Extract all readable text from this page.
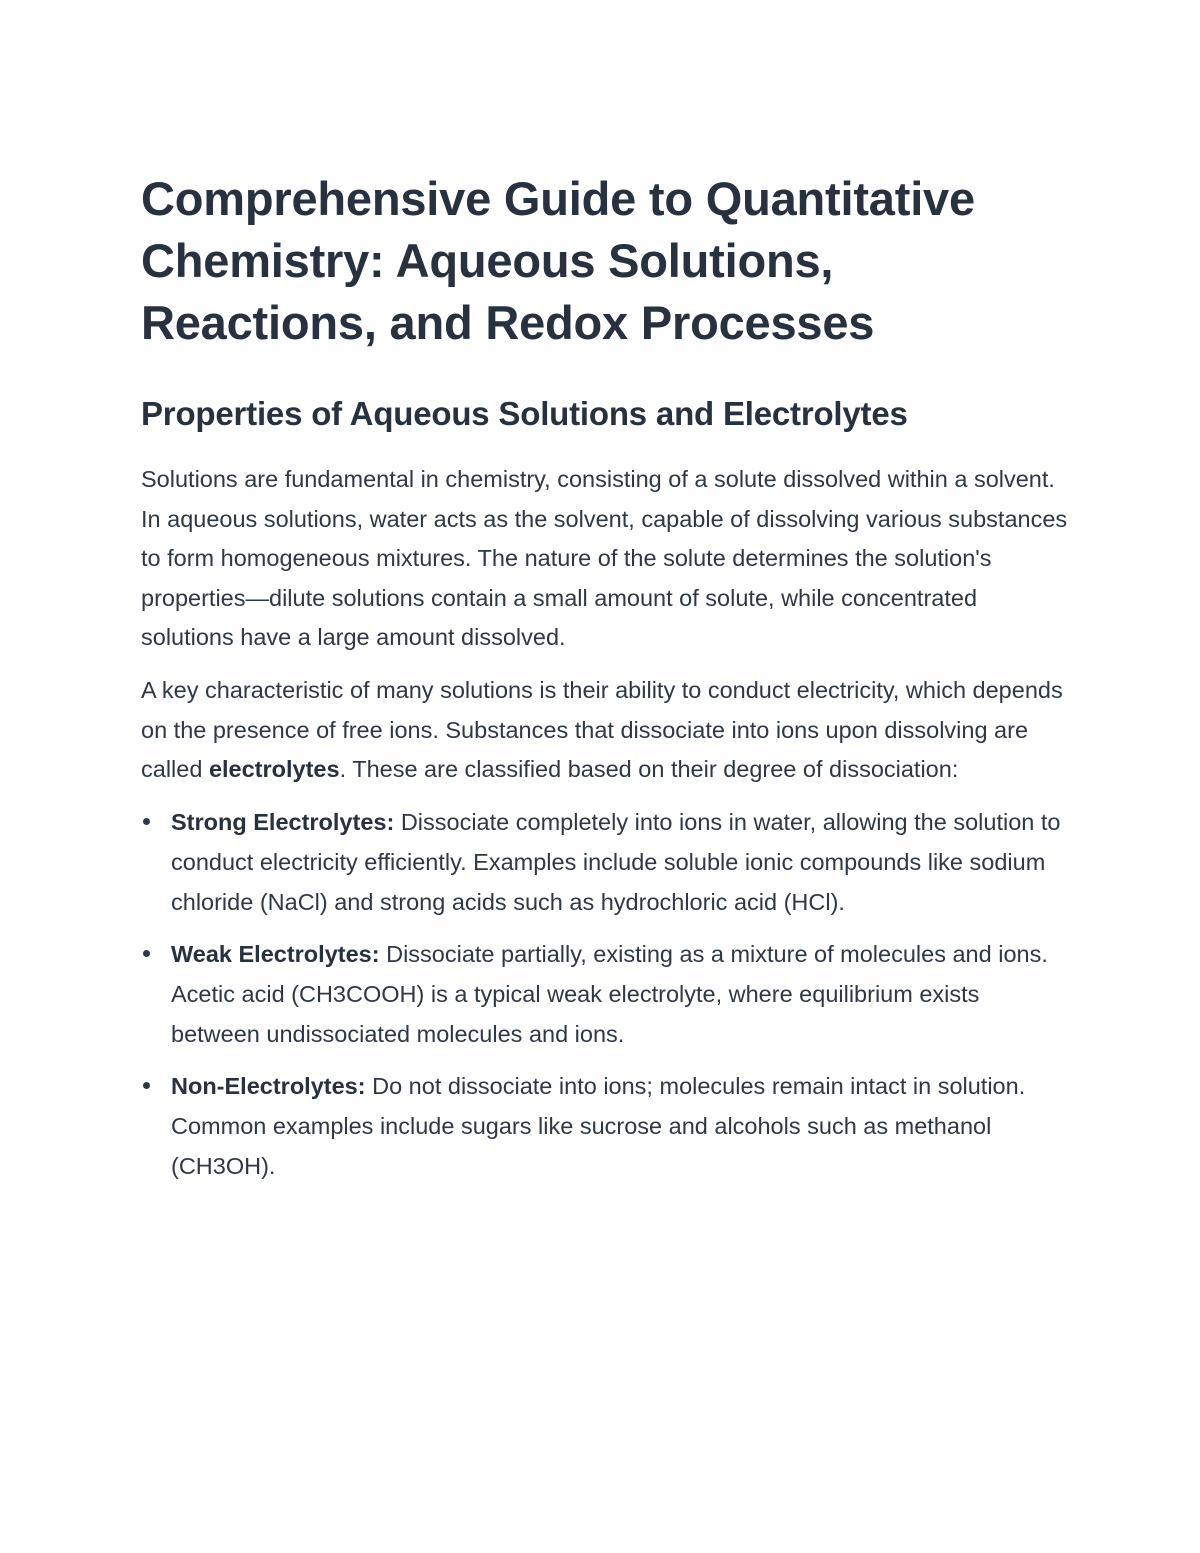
Comprehensive Guide to Quantitative Chemistry: Aqueous Solutions, Reactions, and Redox Processes
Properties of Aqueous Solutions and Electrolytes

Solutions are fundamental in chemistry, consisting of a solute dissolved within a solvent. In aqueous solutions, water acts as the solvent, capable of dissolving various substances to form homogeneous mixtures. The nature of the solute determines the solution's properties—dilute solutions contain a small amount of solute, while concentrated solutions have a large amount dissolved.

A key characteristic of many solutions is their ability to conduct electricity, which depends on the presence of free ions. Substances that dissociate into ions upon dissolving are called electrolytes. These are classified based on their degree of dissociation:

Strong Electrolytes: Dissociate completely into ions in water, allowing the solution to conduct electricity efficiently. Examples include soluble ionic compounds like sodium chloride (NaCl) and strong acids such as hydrochloric acid (HCl).
Weak Electrolytes: Dissociate partially, existing as a mixture of molecules and ions. Acetic acid (CH3COOH) is a typical weak electrolyte, where equilibrium exists between undissociated molecules and ions.
Non-Electrolytes: Do not dissociate into ions; molecules remain intact in solution. Common examples include sugars like sucrose and alcohols such as methanol (CH3OH).
